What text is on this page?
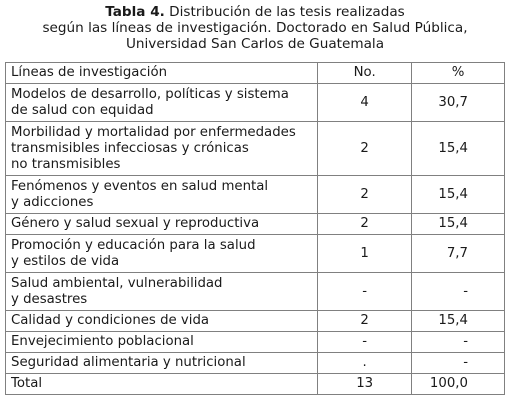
Tabla 4. Distribución de las tesis realizadas
según las líneas de investigación. Doctorado en Salud Pública,
Universidad San Carlos de Guatemala
Líneas de investigación	No.	%

Modelos de desarrollo, políticas y sistema
de salud con equidad	4	30,7

Morbilidad y mortalidad por enfermedades
transmisibles infecciosas y crónicas
no transmisibles	2	15,4

Fenómenos y eventos en salud mental
y adicciones	2	15,4

Género y salud sexual y reproductiva	2	15,4

Promoción y educación para la salud
y estilos de vida	1	7,7

Salud ambiental, vulnerabilidad
y desastres	-	-

Calidad y condiciones de vida	2	15,4

Envejecimiento poblacional	-	-

Seguridad alimentaria y nutricional	.	-
Total	13	100,0
